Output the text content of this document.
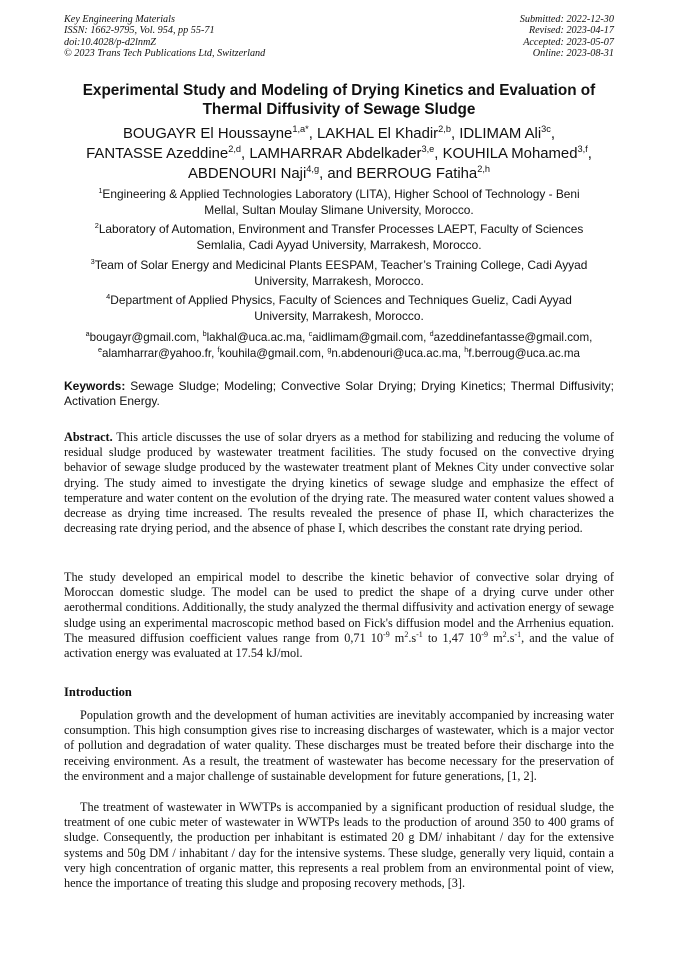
Key Engineering Materials
ISSN: 1662-9795, Vol. 954, pp 55-71
doi:10.4028/p-d2lnmZ
© 2023 Trans Tech Publications Ltd, Switzerland
Submitted: 2022-12-30
Revised: 2023-04-17
Accepted: 2023-05-07
Online: 2023-08-31
Experimental Study and Modeling of Drying Kinetics and Evaluation of
Thermal Diffusivity of Sewage Sludge
BOUGAYR El Houssayne$^{1,a*}$, LAKHAL El Khadir$^{2,b}$, IDLIMAM Ali$^{3c}$,
FANTASSE Azeddine$^{2,d}$, LAMHARRAR Abdelkader$^{3,e}$, KOUHILA Mohamed$^{3,f}$,
ABDENOURI Naji$^{4,g}$, and BERROUG Fatiha$^{2,h}$
$^1$Engineering & Applied Technologies Laboratory (LITA), Higher School of Technology - Beni
Mellal, Sultan Moulay Slimane University, Morocco.
$^2$Laboratory of Automation, Environment and Transfer Processes LAEPT, Faculty of Sciences
Semlalia, Cadi Ayyad University, Marrakesh, Morocco.
$^3$Team of Solar Energy and Medicinal Plants EESPAM, Teacher’s Training College, Cadi Ayyad
University, Marrakesh, Morocco.
$^4$Department of Applied Physics, Faculty of Sciences and Techniques Gueliz, Cadi Ayyad
University, Marrakesh, Morocco.
$^a$bougayr@gmail.com, $^b$lakhal@uca.ac.ma, $^c$aidlimam@gmail.com, $^d$azeddinefantasse@gmail.com,
$^e$alamharrar@yahoo.fr, $^f$kouhila@gmail.com, $^g$n.abdenouri@uca.ac.ma, $^h$f.berroug@uca.ac.ma
Keywords: Sewage Sludge; Modeling; Convective Solar Drying; Drying Kinetics; Thermal Diffusivity; Activation Energy.
Abstract. This article discusses the use of solar dryers as a method for stabilizing and reducing the volume of residual sludge produced by wastewater treatment facilities. The study focused on the convective drying behavior of sewage sludge produced by the wastewater treatment plant of Meknes City under convective solar drying. The study aimed to investigate the drying kinetics of sewage sludge and emphasize the effect of temperature and water content on the evolution of the drying rate. The measured water content values showed a decrease as drying time increased. The results revealed the presence of phase II, which characterizes the decreasing rate drying period, and the absence of phase I, which describes the constant rate drying period.
The study developed an empirical model to describe the kinetic behavior of convective solar drying of Moroccan domestic sludge. The model can be used to predict the shape of a drying curve under other aerothermal conditions. Additionally, the study analyzed the thermal diffusivity and activation energy of sewage sludge using an experimental macroscopic method based on Fick's diffusion model and the Arrhenius equation. The measured diffusion coefficient values range from 0,71 $10^{-9}$ $m^2.s^{-1}$ to 1,47 $10^{-9}$ $m^2.s^{-1}$, and the value of activation energy was evaluated at 17.54 kJ/mol.
Introduction
Population growth and the development of human activities are inevitably accompanied by increasing water consumption. This high consumption gives rise to increasing discharges of wastewater, which is a major vector of pollution and degradation of water quality. These discharges must be treated before their discharge into the receiving environment. As a result, the treatment of wastewater has become necessary for the preservation of the environment and a major challenge of sustainable development for future generations, [1, 2].
The treatment of wastewater in WWTPs is accompanied by a significant production of residual sludge, the treatment of one cubic meter of wastewater in WWTPs leads to the production of around 350 to 400 grams of sludge. Consequently, the production per inhabitant is estimated 20 g DM/ inhabitant / day for the extensive systems and 50g DM / inhabitant / day for the intensive systems. These sludge, generally very liquid, contain a very high concentration of organic matter, this represents a real problem from an environmental point of view, hence the importance of treating this sludge and proposing recovery methods, [3].
